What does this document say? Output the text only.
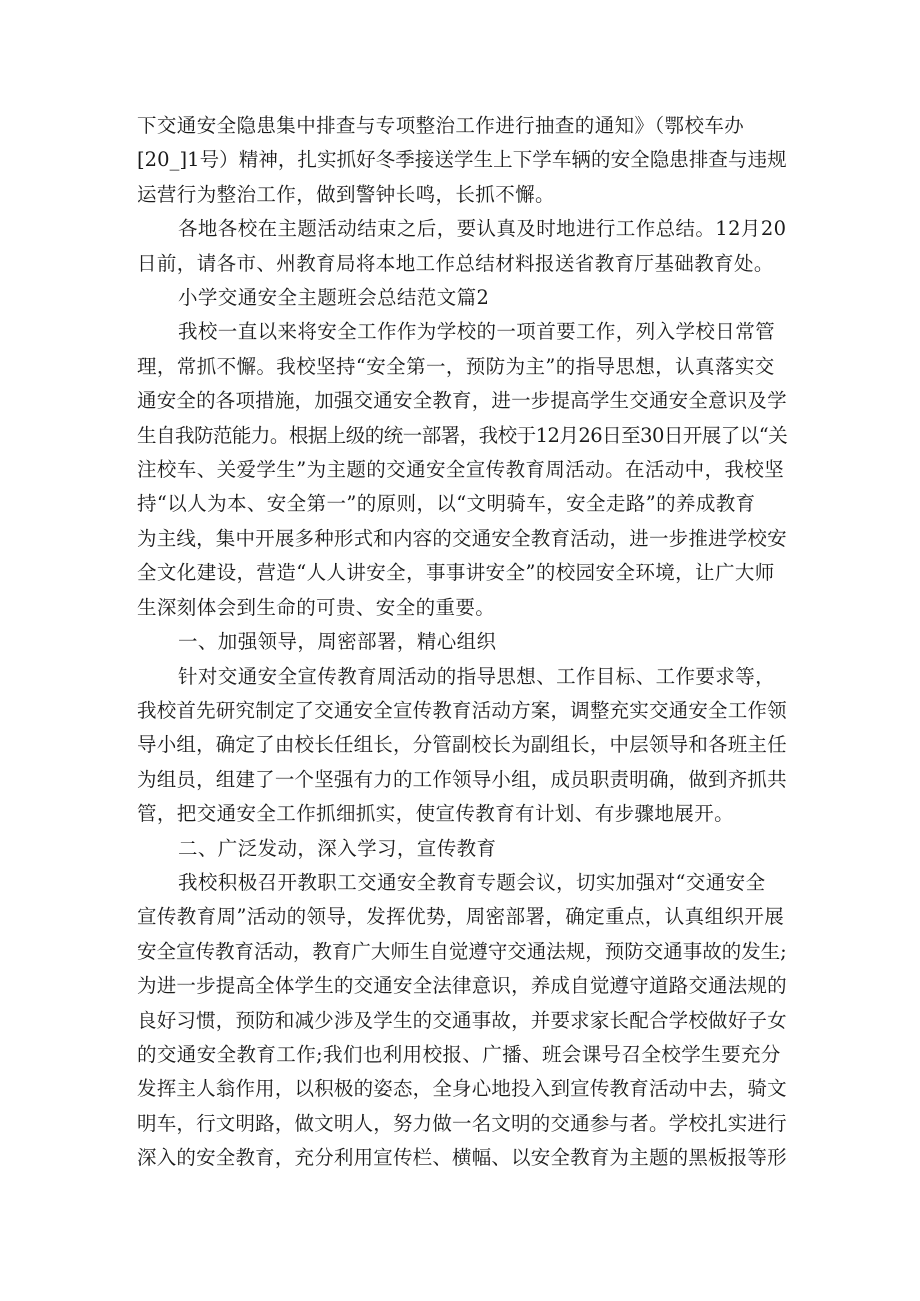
下交通安全隐患集中排查与专项整治工作进行抽查的通知》（鄂校车办
[20_]1号）精神，扎实抓好冬季接送学生上下学车辆的安全隐患排查与违规
运营行为整治工作，做到警钟长鸣，长抓不懈。

各地各校在主题活动结束之后，要认真及时地进行工作总结。12月20
日前，请各市、州教育局将本地工作总结材料报送省教育厅基础教育处。

小学交通安全主题班会总结范文篇2

我校一直以来将安全工作作为学校的一项首要工作，列入学校日常管
理，常抓不懈。我校坚持“安全第一，预防为主”的指导思想，认真落实交
通安全的各项措施，加强交通安全教育，进一步提高学生交通安全意识及学
生自我防范能力。根据上级的统一部署，我校于12月26日至30日开展了以“关
注校车、关爱学生”为主题的交通安全宣传教育周活动。在活动中，我校坚
持“以人为本、安全第一”的原则，以“文明骑车，安全走路”的养成教育
为主线，集中开展多种形式和内容的交通安全教育活动，进一步推进学校安
全文化建设，营造“人人讲安全，事事讲安全”的校园安全环境，让广大师
生深刻体会到生命的可贵、安全的重要。

一、加强领导，周密部署，精心组织

针对交通安全宣传教育周活动的指导思想、工作目标、工作要求等，
我校首先研究制定了交通安全宣传教育活动方案，调整充实交通安全工作领
导小组，确定了由校长任组长，分管副校长为副组长，中层领导和各班主任
为组员，组建了一个坚强有力的工作领导小组，成员职责明确，做到齐抓共
管，把交通安全工作抓细抓实，使宣传教育有计划、有步骤地展开。

二、广泛发动，深入学习，宣传教育

我校积极召开教职工交通安全教育专题会议，切实加强对“交通安全
宣传教育周”活动的领导，发挥优势，周密部署，确定重点，认真组织开展
安全宣传教育活动，教育广大师生自觉遵守交通法规，预防交通事故的发生;
为进一步提高全体学生的交通安全法律意识，养成自觉遵守道路交通法规的
良好习惯，预防和减少涉及学生的交通事故，并要求家长配合学校做好子女
的交通安全教育工作;我们也利用校报、广播、班会课号召全校学生要充分
发挥主人翁作用，以积极的姿态，全身心地投入到宣传教育活动中去，骑文
明车，行文明路，做文明人，努力做一名文明的交通参与者。学校扎实进行
深入的安全教育，充分利用宣传栏、横幅、以安全教育为主题的黑板报等形
